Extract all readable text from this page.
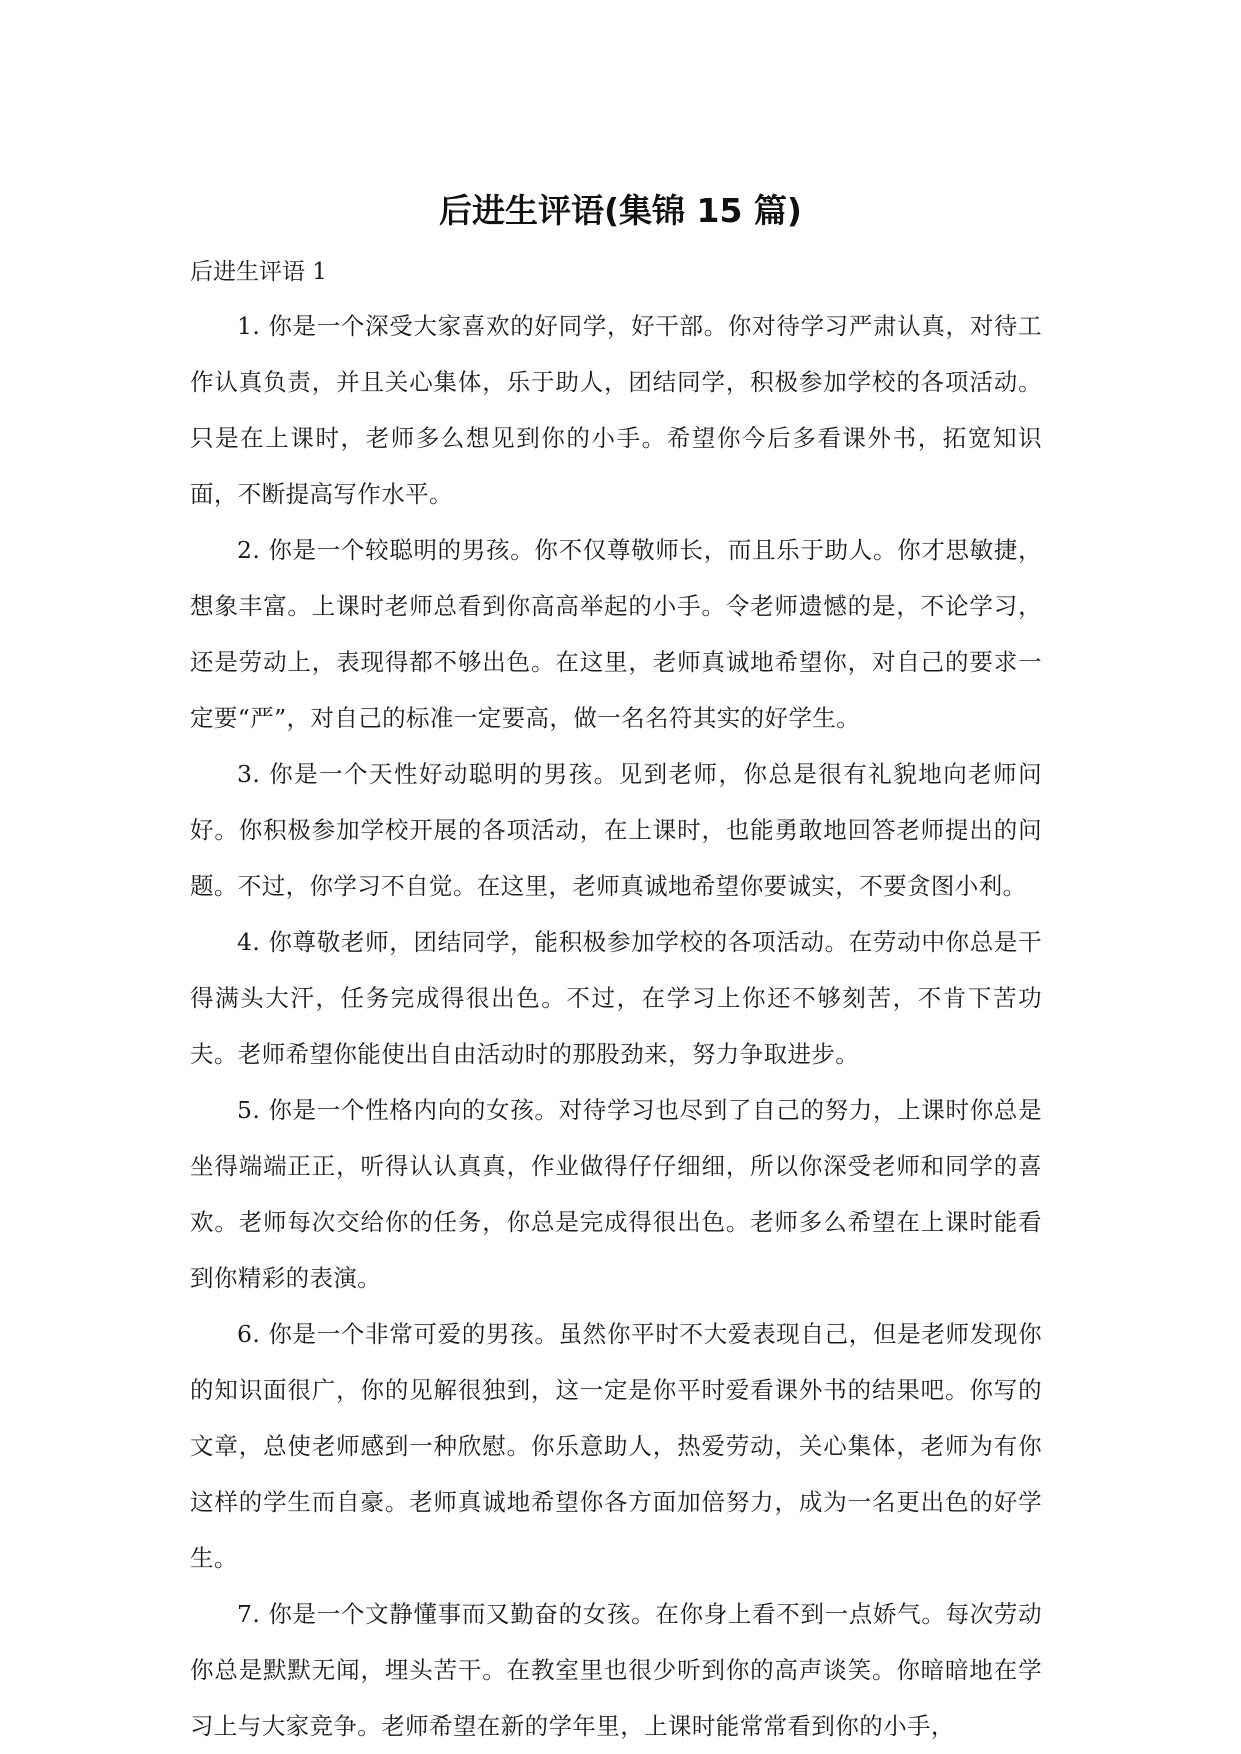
后进生评语(集锦 15 篇)
后进生评语 1

1. 你是一个深受大家喜欢的好同学，好干部。你对待学习严肃认真，对待工作认真负责，并且关心集体，乐于助人，团结同学，积极参加学校的各项活动。只是在上课时，老师多么想见到你的小手。希望你今后多看课外书，拓宽知识面，不断提高写作水平。

2. 你是一个较聪明的男孩。你不仅尊敬师长，而且乐于助人。你才思敏捷，想象丰富。上课时老师总看到你高高举起的小手。令老师遗憾的是，不论学习，还是劳动上，表现得都不够出色。在这里，老师真诚地希望你，对自己的要求一定要“严”，对自己的标准一定要高，做一名名符其实的好学生。

3. 你是一个天性好动聪明的男孩。见到老师，你总是很有礼貌地向老师问好。你积极参加学校开展的各项活动，在上课时，也能勇敢地回答老师提出的问题。不过，你学习不自觉。在这里，老师真诚地希望你要诚实，不要贪图小利。

4. 你尊敬老师，团结同学，能积极参加学校的各项活动。在劳动中你总是干得满头大汗，任务完成得很出色。不过，在学习上你还不够刻苦，不肯下苦功夫。老师希望你能使出自由活动时的那股劲来，努力争取进步。

5. 你是一个性格内向的女孩。对待学习也尽到了自己的努力，上课时你总是坐得端端正正，听得认认真真，作业做得仔仔细细，所以你深受老师和同学的喜欢。老师每次交给你的任务，你总是完成得很出色。老师多么希望在上课时能看到你精彩的表演。

6. 你是一个非常可爱的男孩。虽然你平时不大爱表现自己，但是老师发现你的知识面很广，你的见解很独到，这一定是你平时爱看课外书的结果吧。你写的文章，总使老师感到一种欣慰。你乐意助人，热爱劳动，关心集体，老师为有你这样的学生而自豪。老师真诚地希望你各方面加倍努力，成为一名更出色的好学生。

7. 你是一个文静懂事而又勤奋的女孩。在你身上看不到一点娇气。每次劳动你总是默默无闻，埋头苦干。在教室里也很少听到你的高声谈笑。你暗暗地在学习上与大家竞争。老师希望在新的学年里，上课时能常常看到你的小手，
